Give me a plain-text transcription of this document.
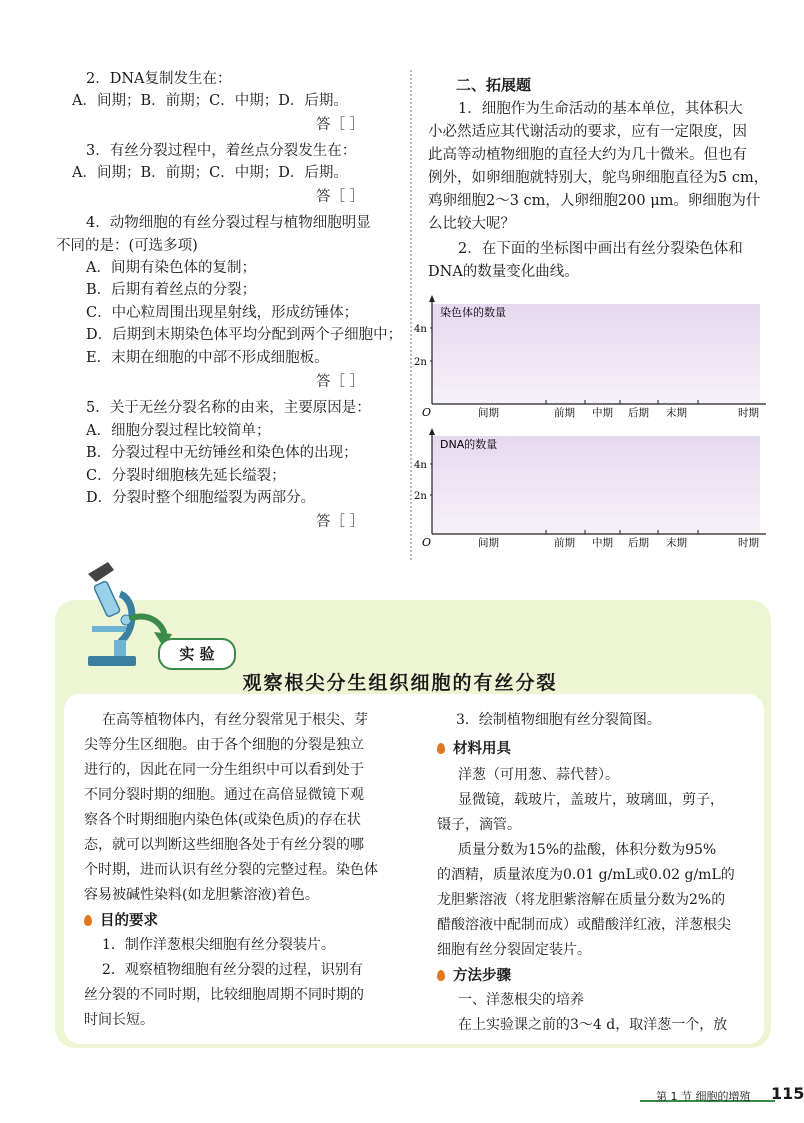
2．DNA复制发生在：
A．间期；B．前期；C．中期；D．后期。
答［ ］
3．有丝分裂过程中，着丝点分裂发生在：
A．间期；B．前期；C．中期；D．后期。
答［ ］
4．动物细胞的有丝分裂过程与植物细胞明显
不同的是：(可选多项)
A．间期有染色体的复制；
B．后期有着丝点的分裂；
C．中心粒周围出现星射线，形成纺锤体；
D．后期到末期染色体平均分配到两个子细胞中；
E．末期在细胞的中部不形成细胞板。
答［ ］
5．关于无丝分裂名称的由来，主要原因是：
A．细胞分裂过程比较简单；
B．分裂过程中无纺锤丝和染色体的出现；
C．分裂时细胞核先延长缢裂；
D．分裂时整个细胞缢裂为两部分。
答［ ］
二、拓展题
1．细胞作为生命活动的基本单位，其体积大
小必然适应其代谢活动的要求，应有一定限度，因
此高等动植物细胞的直径大约为几十微米。但也有
例外，如卵细胞就特别大，鸵鸟卵细胞直径为5 cm，
鸡卵细胞2～3 cm，人卵细胞200 μm。卵细胞为什
么比较大呢？
2．在下面的坐标图中画出有丝分裂染色体和
DNA的数量变化曲线。
染色体的数量
4n
2n
O	间期	前期 中期 后期 末期	时期
DNA的数量
4n
2n
O	间期	前期 中期 后期 末期	时期
实 验
观察根尖分生组织细胞的有丝分裂
在高等植物体内，有丝分裂常见于根尖、芽
尖等分生区细胞。由于各个细胞的分裂是独立
进行的，因此在同一分生组织中可以看到处于
不同分裂时期的细胞。通过在高倍显微镜下观
察各个时期细胞内染色体(或染色质)的存在状
态，就可以判断这些细胞各处于有丝分裂的哪
个时期，进而认识有丝分裂的完整过程。染色体
容易被碱性染料(如龙胆紫溶液)着色。
目的要求
1．制作洋葱根尖细胞有丝分裂装片。
2．观察植物细胞有丝分裂的过程，识别有
丝分裂的不同时期，比较细胞周期不同时期的
时间长短。
3．绘制植物细胞有丝分裂简图。
材料用具
洋葱（可用葱、蒜代替）。
显微镜，载玻片，盖玻片，玻璃皿，剪子，
镊子，滴管。
质量分数为15%的盐酸，体积分数为95%
的酒精，质量浓度为0.01 g/mL或0.02 g/mL的
龙胆紫溶液（将龙胆紫溶解在质量分数为2%的
醋酸溶液中配制而成）或醋酸洋红液，洋葱根尖
细胞有丝分裂固定装片。
方法步骤
一、洋葱根尖的培养
在上实验课之前的3～4 d，取洋葱一个，放
第 1 节 细胞的增殖 115
